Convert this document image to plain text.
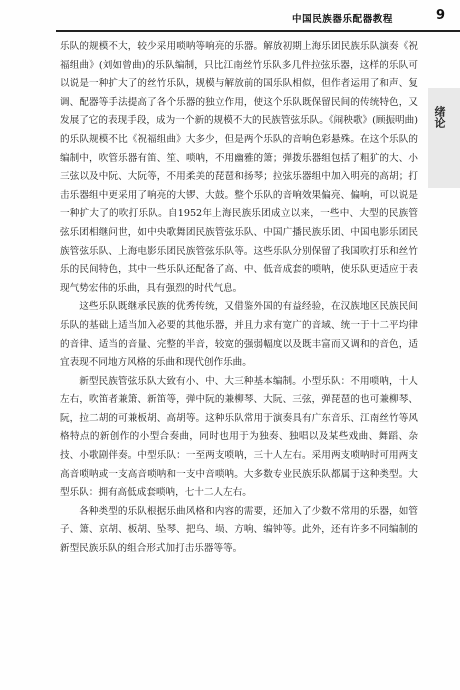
中国民族器乐配器教程	9
绪论

乐队的规模不大，较少采用唢呐等响亮的乐器。解放初期上海乐团民族乐队演奏《祝福组曲》(刘如曾曲)的乐队编制，只比江南丝竹乐队多几件拉弦乐器，这样的乐队可以说是一种扩大了的丝竹乐队，规模与解放前的国乐队相似，但作者运用了和声、复调、配器等手法提高了各个乐器的独立作用，使这个乐队既保留民间的传统特色，又发展了它的表现手段，成为一个新的规模不大的民族管弦乐队。《闹秧歌》(顾振明曲)的乐队规模不比《祝福组曲》大多少，但是两个乐队的音响色彩悬殊。在这个乐队的编制中，吹管乐器有笛、笙、唢呐，不用幽雅的箫；弹拨乐器组包括了粗犷的大、小三弦以及中阮、大阮等，不用柔美的琵琶和扬琴；拉弦乐器组中加入明亮的高胡；打击乐器组中更采用了响亮的大锣、大鼓。整个乐队的音响效果偏亮、偏响，可以说是一种扩大了的吹打乐队。自1952年上海民族乐团成立以来，一些中、大型的民族管弦乐团相继问世，如中央歌舞团民族管弦乐队、中国广播民族乐团、中国电影乐团民族管弦乐队、上海电影乐团民族管弦乐队等。这些乐队分别保留了我国吹打乐和丝竹乐的民间特色，其中一些乐队还配备了高、中、低音成套的唢呐，使乐队更适应于表现气势宏伟的乐曲，具有强烈的时代气息。

这些乐队既继承民族的优秀传统，又借鉴外国的有益经验，在汉族地区民族民间乐队的基础上适当加入必要的其他乐器，并且力求有宽广的音域、统一于十二平均律的音律、适当的音量、完整的半音，较宽的强弱幅度以及既丰富而又调和的音色，适宜表现不同地方风格的乐曲和现代创作乐曲。

新型民族管弦乐队大致有小、中、大三种基本编制。小型乐队：不用唢呐，十人左右，吹笛者兼箫、新笛等，弹中阮的兼柳琴、大阮、三弦，弹琵琶的也可兼柳琴、阮，拉二胡的可兼板胡、高胡等。这种乐队常用于演奏具有广东音乐、江南丝竹等风格特点的新创作的小型合奏曲，同时也用于为独奏、独唱以及某些戏曲、舞蹈、杂技、小歌剧伴奏。中型乐队：一至两支唢呐，三十人左右。采用两支唢呐时可用两支高音唢呐或一支高音唢呐和一支中音唢呐。大多数专业民族乐队都属于这种类型。大型乐队：拥有高低成套唢呐，七十二人左右。

各种类型的乐队根据乐曲风格和内容的需要，还加入了少数不常用的乐器，如管子、箫、京胡、板胡、坠琴、把乌、埙、方响、编钟等。此外，还有许多不同编制的新型民族乐队的组合形式加打击乐器等等。
